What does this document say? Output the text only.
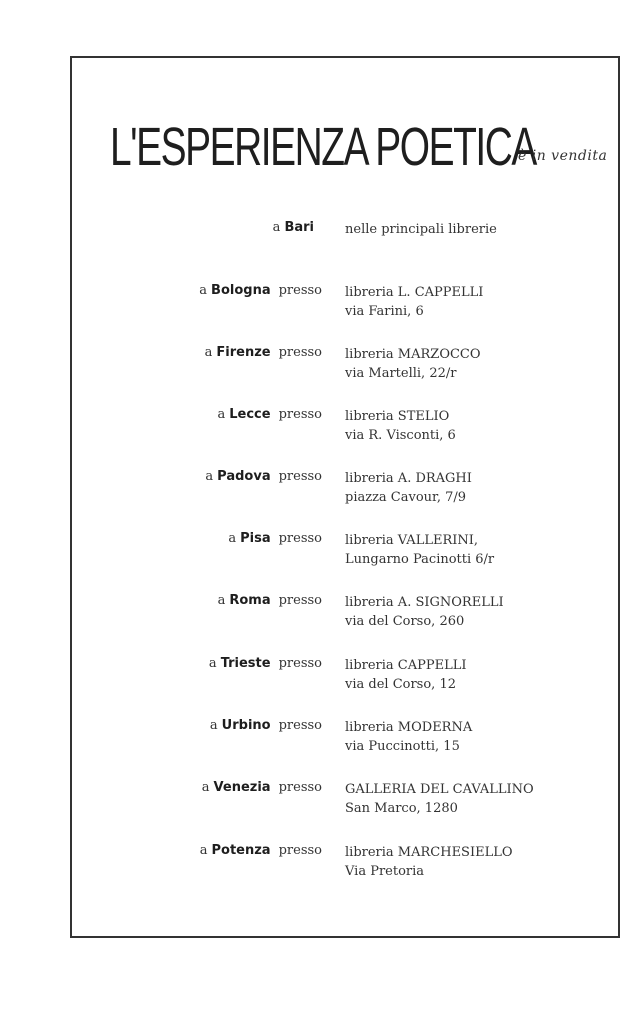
L'ESPERIENZA POETICA
è in vendita
a Bari	nelle principali librerie
a Bologna presso libreria L. CAPPELLI
via Farini, 6
a Firenze presso libreria MARZOCCO
via Martelli, 22/r
a Lecce presso libreria STELIO
via R. Visconti, 6
a Padova presso libreria A. DRAGHI
piazza Cavour, 7/9
a Pisa presso libreria VALLERINI,
Lungarno Pacinotti 6/r
a Roma presso libreria A. SIGNORELLI
via del Corso, 260
a Trieste presso libreria CAPPELLI
via del Corso, 12
a Urbino presso libreria MODERNA
via Puccinotti, 15
a Venezia presso GALLERIA DEL CAVALLINO
San Marco, 1280
a Potenza presso libreria MARCHESIELLO
Via Pretoria
